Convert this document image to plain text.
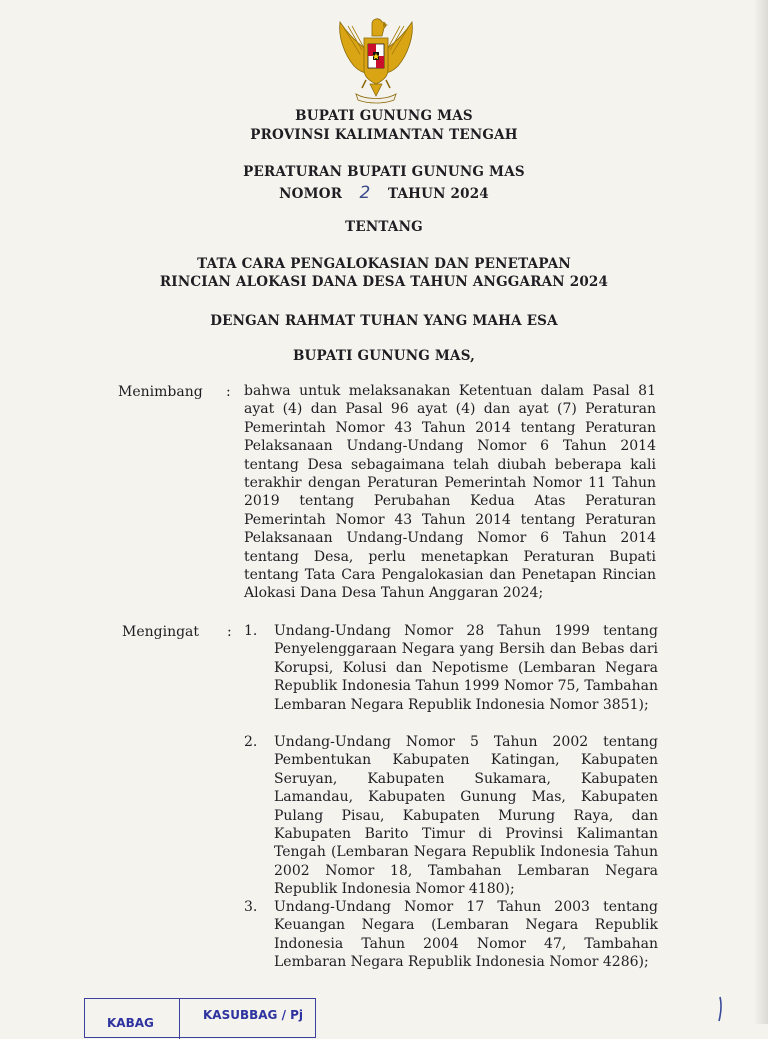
BUPATI GUNUNG MAS
PROVINSI KALIMANTAN TENGAH
PERATURAN BUPATI GUNUNG MAS
NOMOR 2 TAHUN 2024
TENTANG
TATA CARA PENGALOKASIAN DAN PENETAPAN
RINCIAN ALOKASI DANA DESA TAHUN ANGGARAN 2024
DENGAN RAHMAT TUHAN YANG MAHA ESA
BUPATI GUNUNG MAS,
Menimbang : bahwa untuk melaksanakan Ketentuan dalam Pasal 81 ayat (4) dan Pasal 96 ayat (4) dan ayat (7) Peraturan Pemerintah Nomor 43 Tahun 2014 tentang Peraturan Pelaksanaan Undang-Undang Nomor 6 Tahun 2014 tentang Desa sebagaimana telah diubah beberapa kali terakhir dengan Peraturan Pemerintah Nomor 11 Tahun 2019 tentang Perubahan Kedua Atas Peraturan Pemerintah Nomor 43 Tahun 2014 tentang Peraturan Pelaksanaan Undang-Undang Nomor 6 Tahun 2014 tentang Desa, perlu menetapkan Peraturan Bupati tentang Tata Cara Pengalokasian dan Penetapan Rincian Alokasi Dana Desa Tahun Anggaran 2024;
Mengingat : 1.	Undang-Undang Nomor 28 Tahun 1999 tentang Penyelenggaraan Negara yang Bersih dan Bebas dari Korupsi, Kolusi dan Nepotisme (Lembaran Negara Republik Indonesia Tahun 1999 Nomor 75, Tambahan Lembaran Negara Republik Indonesia Nomor 3851);
2.	Undang-Undang Nomor 5 Tahun 2002 tentang Pembentukan Kabupaten Katingan, Kabupaten Seruyan, Kabupaten Sukamara, Kabupaten Lamandau, Kabupaten Gunung Mas, Kabupaten Pulang Pisau, Kabupaten Murung Raya, dan Kabupaten Barito Timur di Provinsi Kalimantan Tengah (Lembaran Negara Republik Indonesia Tahun 2002 Nomor 18, Tambahan Lembaran Negara Republik Indonesia Nomor 4180);
3.	Undang-Undang Nomor 17 Tahun 2003 tentang Keuangan Negara (Lembaran Negara Republik Indonesia Tahun 2004 Nomor 47, Tambahan Lembaran Negara Republik Indonesia Nomor 4286);
KABAG
KASUBBAG / Pj
